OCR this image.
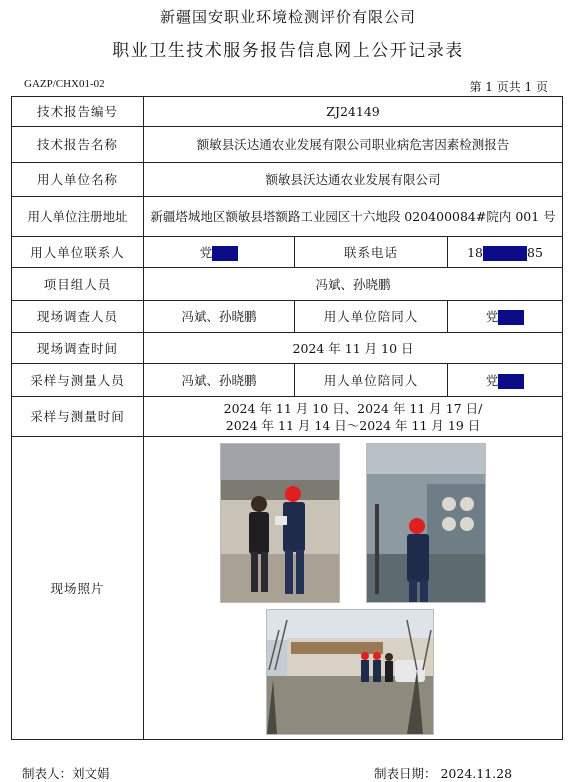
新疆国安职业环境检测评价有限公司
职业卫生技术服务报告信息网上公开记录表
GAZP/CHX01-02	第 1 页共 1 页
技术报告编号	ZJ24149		
技术报告名称	额敏县沃达通农业发展有限公司职业病危害因素检测报告		
用人单位名称	额敏县沃达通农业发展有限公司		
用人单位注册地址	新疆塔城地区额敏县塔额路工业园区十六地段 020400084#院内 001 号		
用人单位联系人	党	联系电话	18 85
项目组人员	冯斌、孙晓鹏		
现场调查人员	冯斌、孙晓鹏	用人单位陪同人	党
现场调查时间	2024 年 11 月 10 日		
采样与测量人员	冯斌、孙晓鹏	用人单位陪同人	党
采样与测量时间	2024 年 11 月 10 日、2024 年 11 月 17 日/
2024 年 11 月 14 日～2024 年 11 月 19 日		

现场照片	
制表人：刘文娟	制表日期： 2024.11.28
